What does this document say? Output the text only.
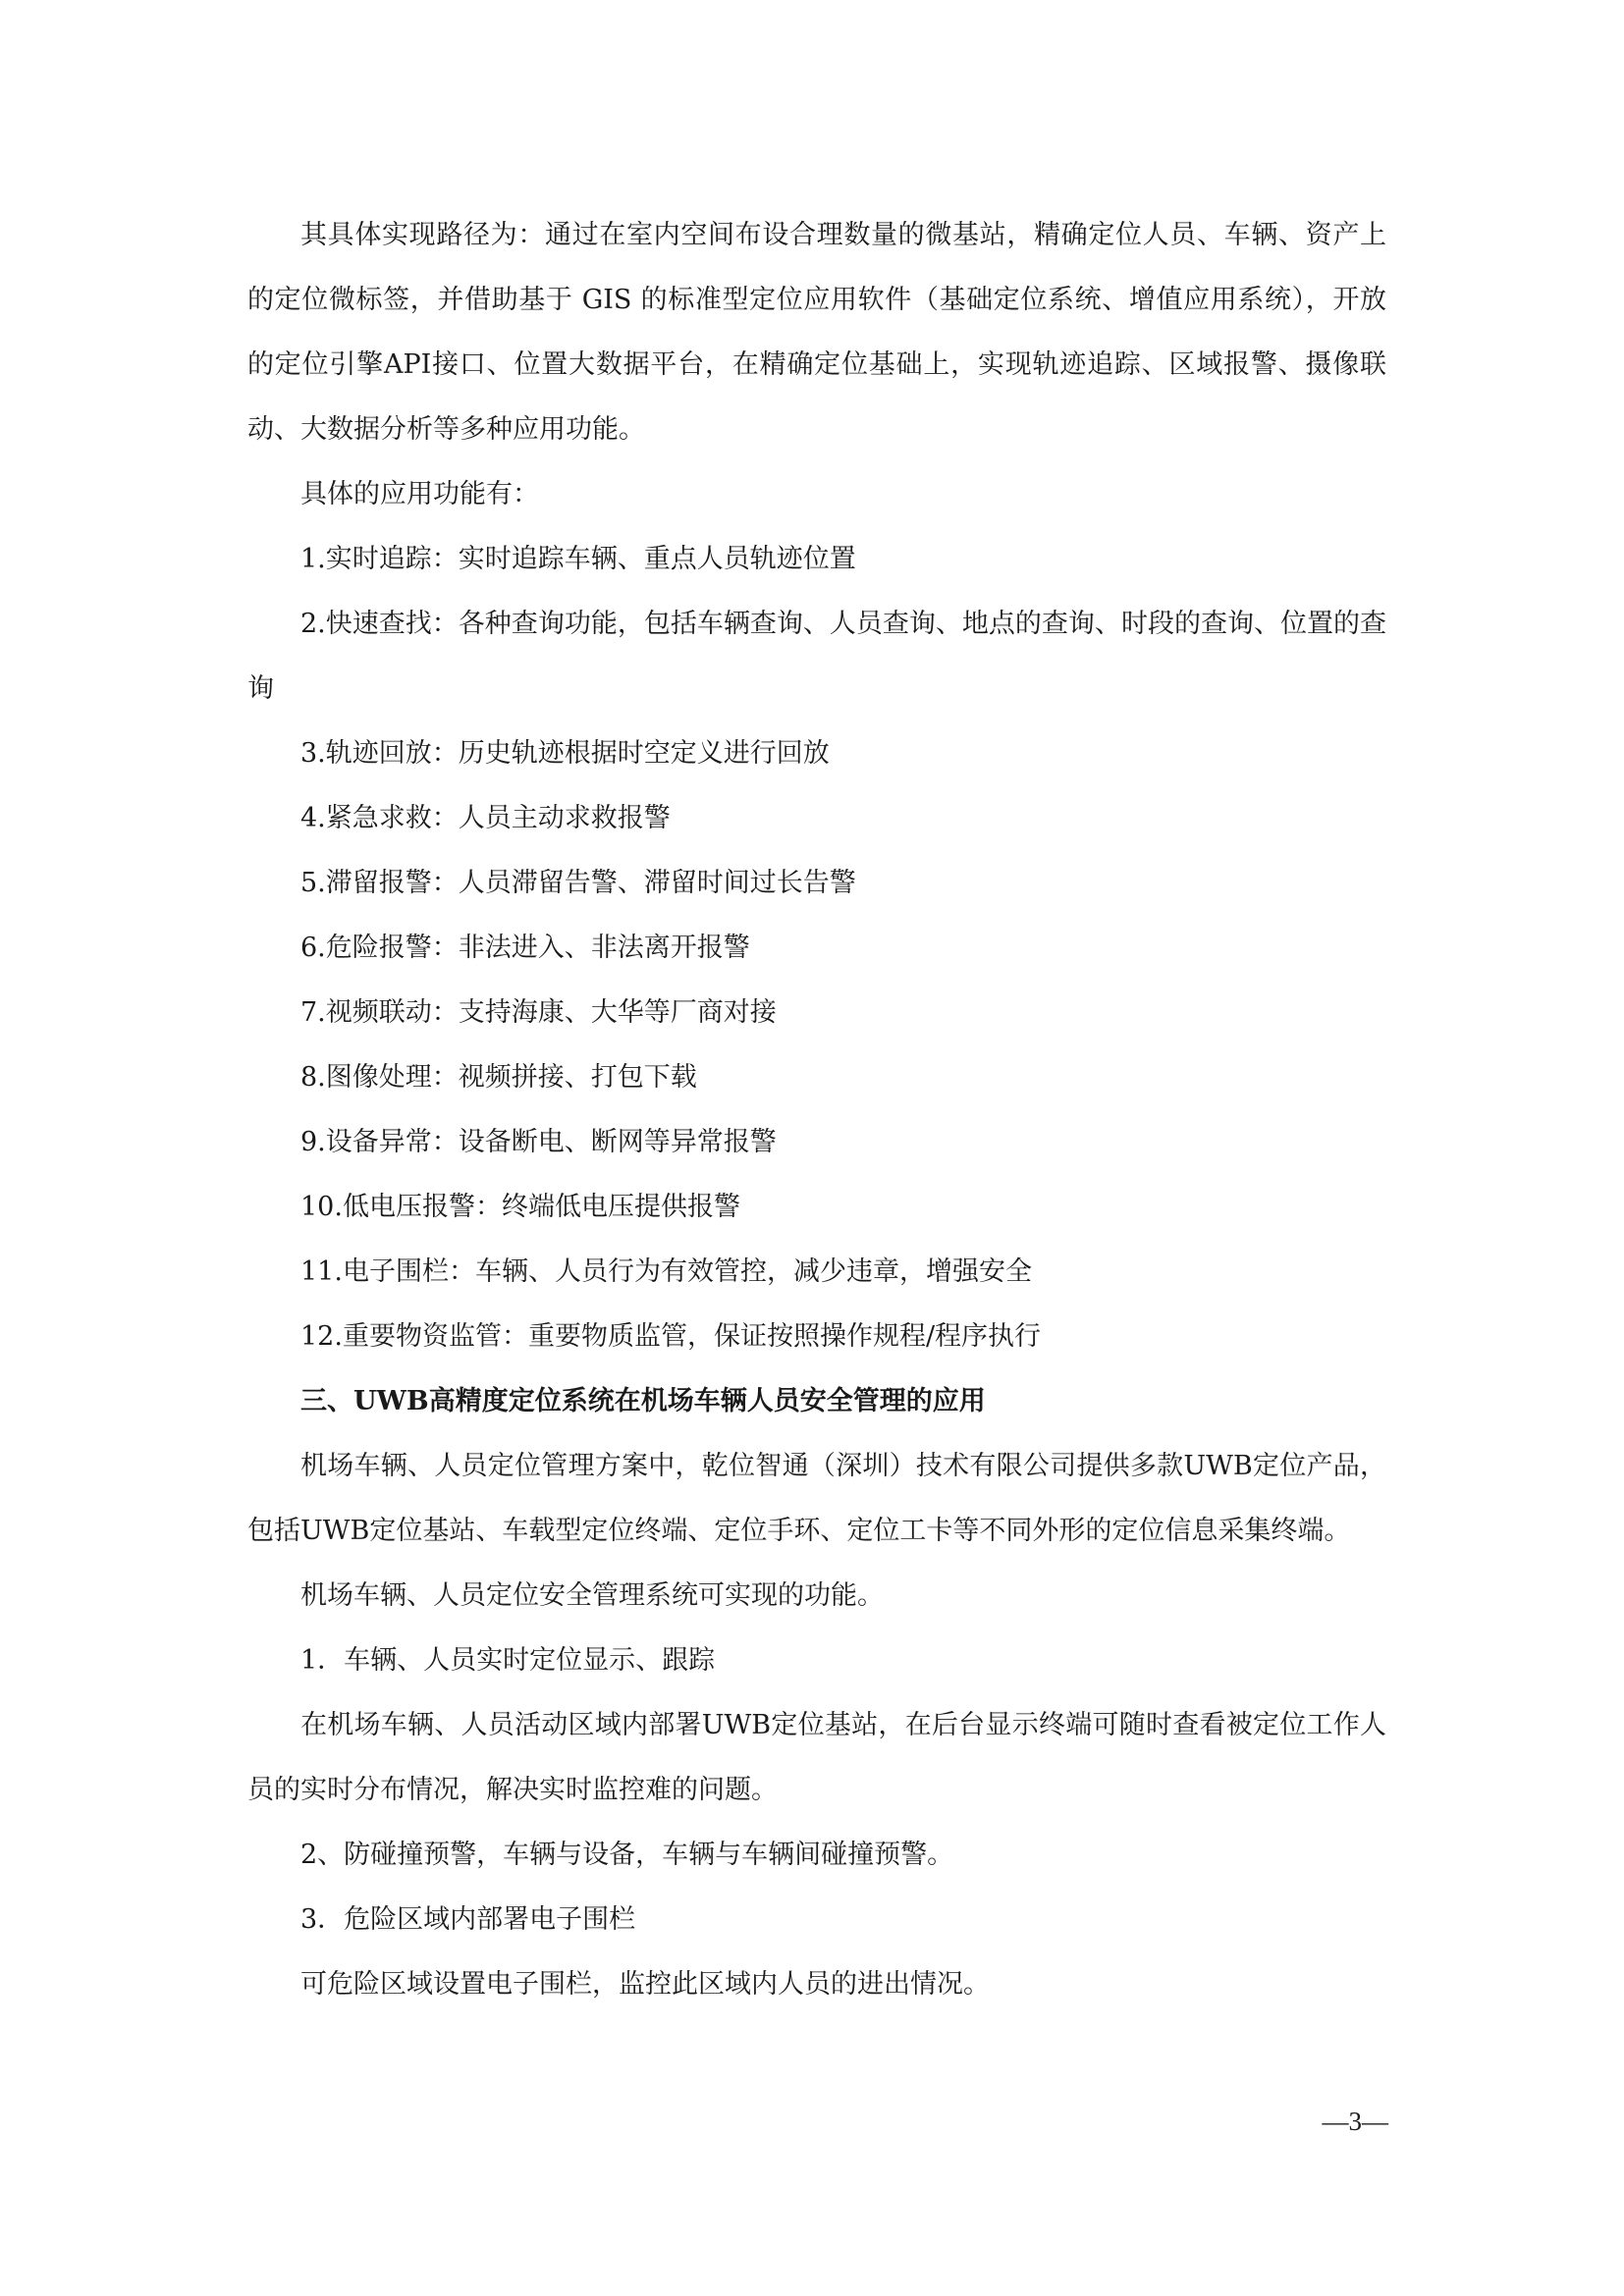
其具体实现路径为：通过在室内空间布设合理数量的微基站，精确定位人员、车辆、资产上的定位微标签，并借助基于 GIS 的标准型定位应用软件（基础定位系统、增值应用系统），开放的定位引擎API接口、位置大数据平台，在精确定位基础上，实现轨迹追踪、区域报警、摄像联动、大数据分析等多种应用功能。

具体的应用功能有：

1.实时追踪：实时追踪车辆、重点人员轨迹位置

2.快速查找：各种查询功能，包括车辆查询、人员查询、地点的查询、时段的查询、位置的查询

3.轨迹回放：历史轨迹根据时空定义进行回放

4.紧急求救：人员主动求救报警

5.滞留报警：人员滞留告警、滞留时间过长告警

6.危险报警：非法进入、非法离开报警

7.视频联动：支持海康、大华等厂商对接

8.图像处理：视频拼接、打包下载

9.设备异常：设备断电、断网等异常报警

10.低电压报警：终端低电压提供报警

11.电子围栏：车辆、人员行为有效管控，减少违章，增强安全

12.重要物资监管：重要物质监管，保证按照操作规程/程序执行

三、UWB高精度定位系统在机场车辆人员安全管理的应用

机场车辆、人员定位管理方案中，乾位智通（深圳）技术有限公司提供多款UWB定位产品，包括UWB定位基站、车载型定位终端、定位手环、定位工卡等不同外形的定位信息采集终端。

机场车辆、人员定位安全管理系统可实现的功能。

1．车辆、人员实时定位显示、跟踪

在机场车辆、人员活动区域内部署UWB定位基站，在后台显示终端可随时查看被定位工作人员的实时分布情况，解决实时监控难的问题。

2、防碰撞预警，车辆与设备，车辆与车辆间碰撞预警。

3．危险区域内部署电子围栏

可危险区域设置电子围栏，监控此区域内人员的进出情况。

—3—
